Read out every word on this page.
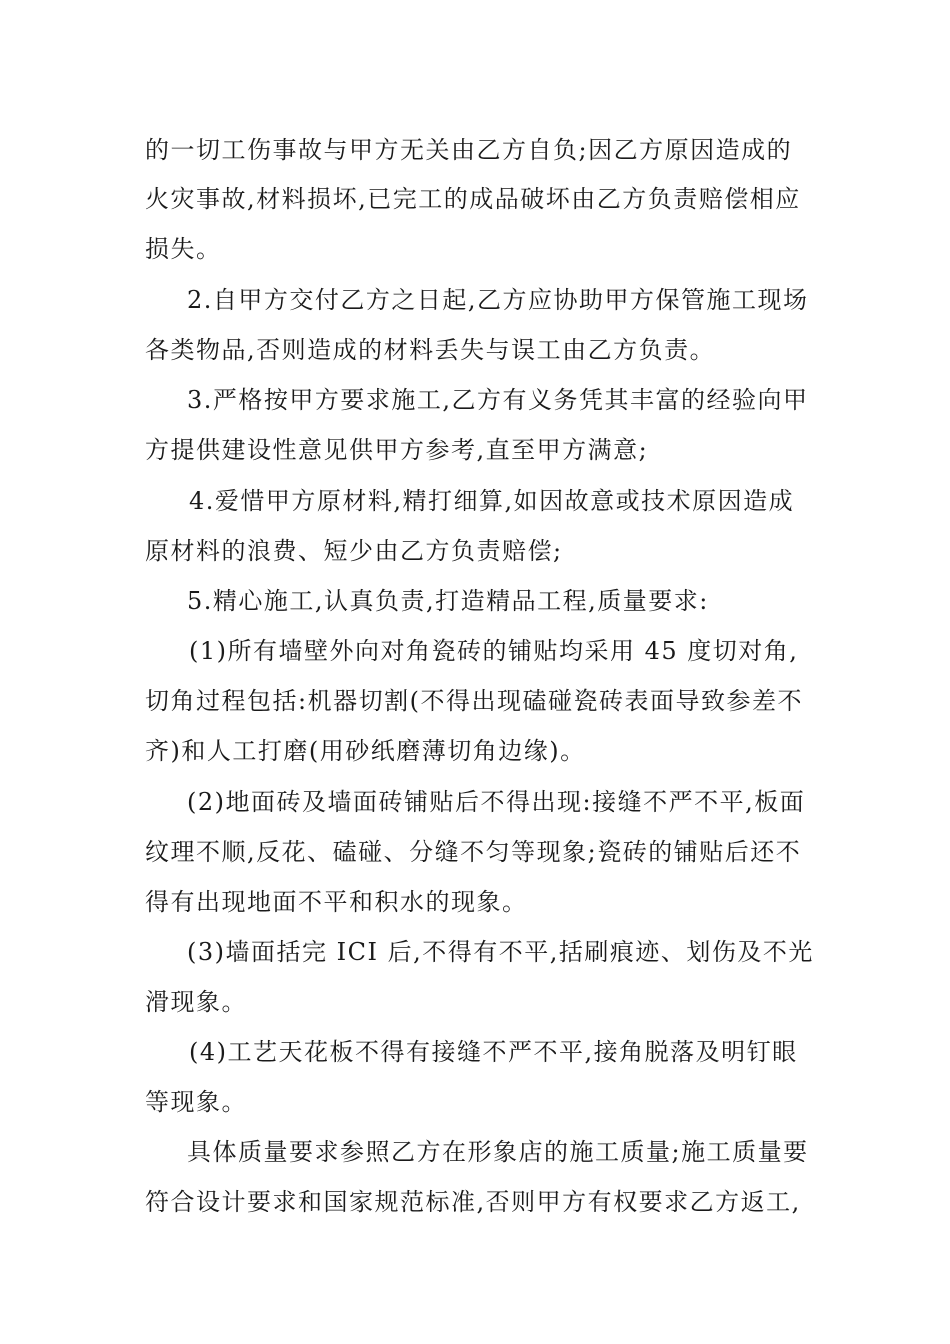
的一切工伤事故与甲方无关由乙方自负;因乙方原因造成的
火灾事故,材料损坏,已完工的成品破坏由乙方负责赔偿相应
损失。
2.自甲方交付乙方之日起,乙方应协助甲方保管施工现场
各类物品,否则造成的材料丢失与误工由乙方负责。
3.严格按甲方要求施工,乙方有义务凭其丰富的经验向甲
方提供建设性意见供甲方参考,直至甲方满意;
4.爱惜甲方原材料,精打细算,如因故意或技术原因造成
原材料的浪费、短少由乙方负责赔偿;
5.精心施工,认真负责,打造精品工程,质量要求:
(1)所有墙壁外向对角瓷砖的铺贴均采用 45 度切对角,
切角过程包括:机器切割(不得出现磕碰瓷砖表面导致参差不
齐)和人工打磨(用砂纸磨薄切角边缘)。
(2)地面砖及墙面砖铺贴后不得出现:接缝不严不平,板面
纹理不顺,反花、磕碰、分缝不匀等现象;瓷砖的铺贴后还不
得有出现地面不平和积水的现象。
(3)墙面括完 ICI 后,不得有不平,括刷痕迹、划伤及不光
滑现象。
(4)工艺天花板不得有接缝不严不平,接角脱落及明钉眼
等现象。
具体质量要求参照乙方在形象店的施工质量;施工质量要
符合设计要求和国家规范标准,否则甲方有权要求乙方返工,
